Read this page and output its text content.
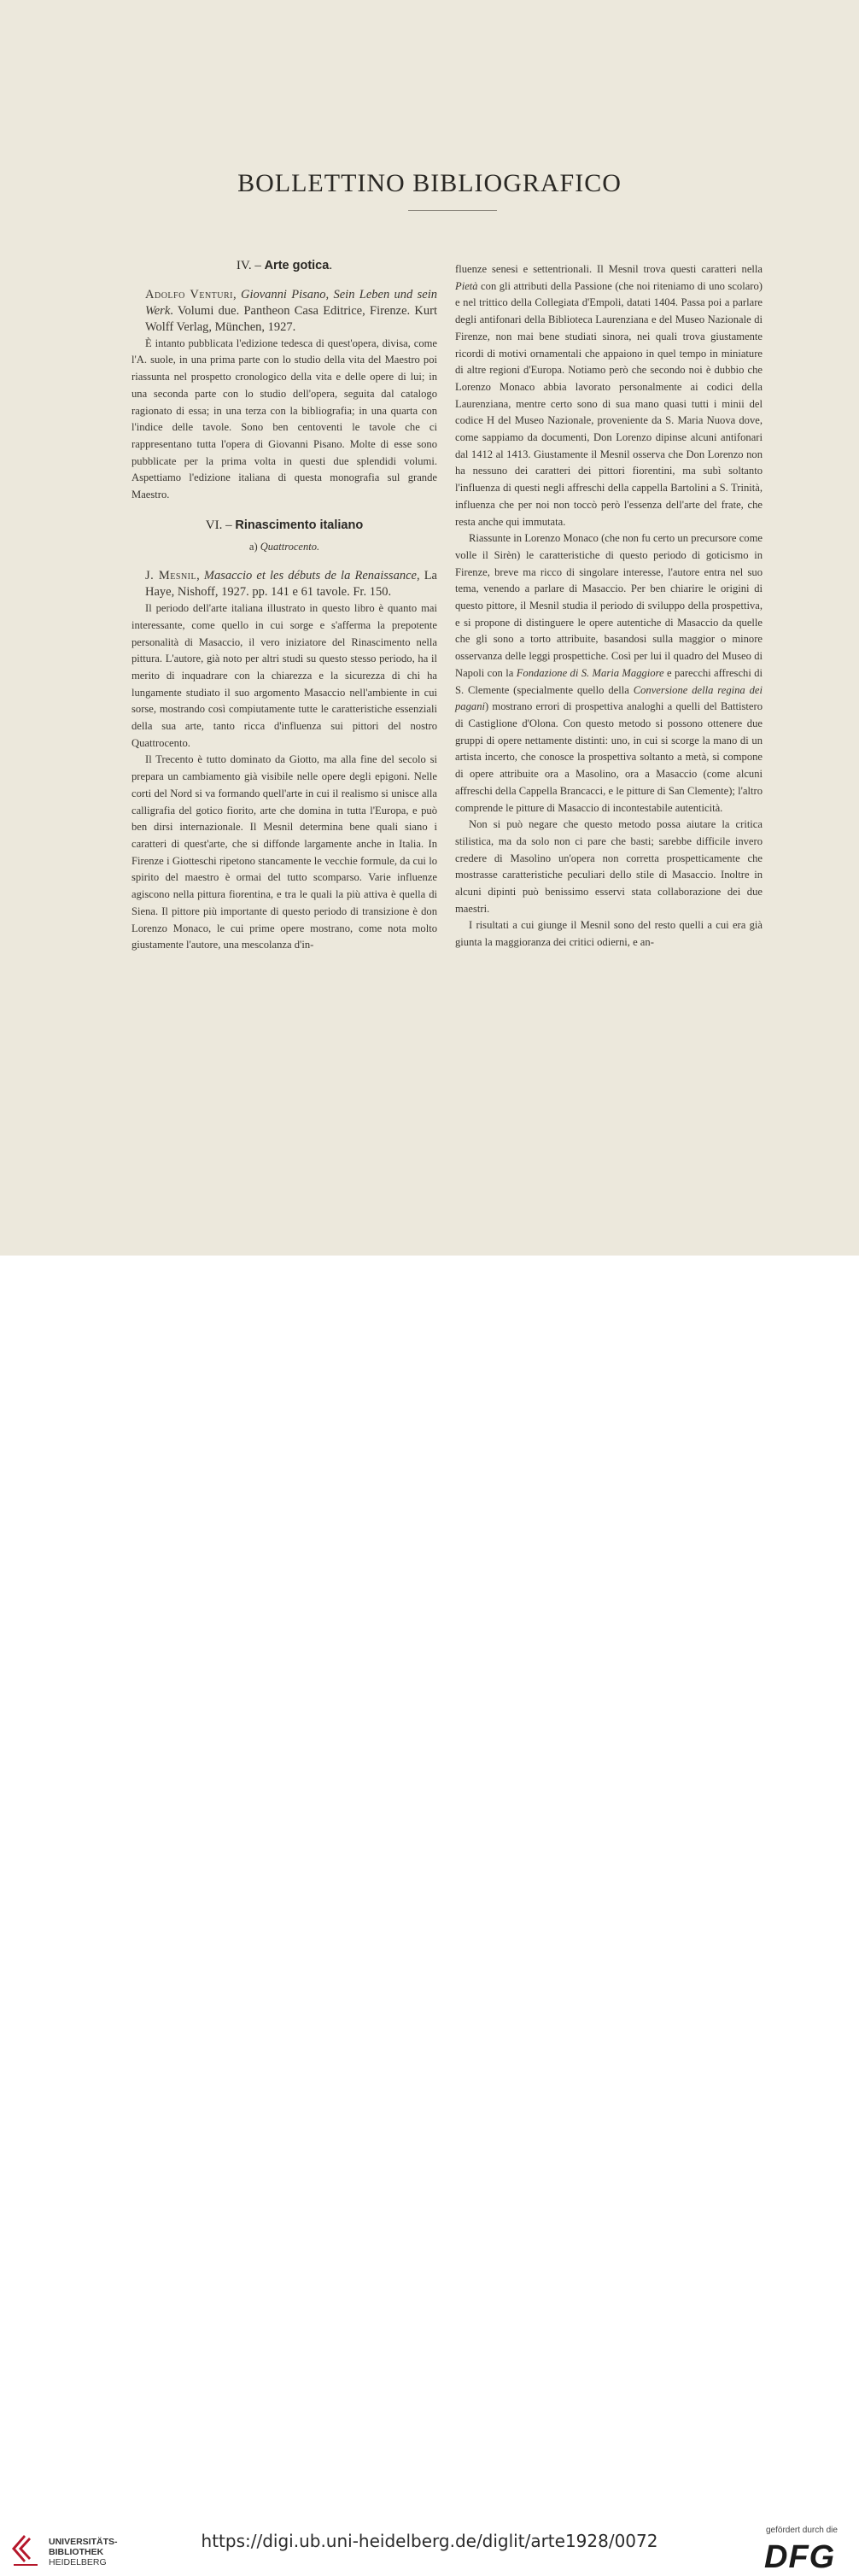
BOLLETTINO BIBLIOGRAFICO
IV. – Arte gotica.

Adolfo Venturi, Giovanni Pisano, Sein Leben und sein Werk. Volumi due. Pantheon Casa Editrice, Firenze. Kurt Wolff Verlag, München, 1927.

È intanto pubblicata l'edizione tedesca di quest'opera, divisa, come l'A. suole, in una prima parte con lo studio della vita del Maestro poi riassunta nel prospetto cronologico della vita e delle opere di lui; in una seconda parte con lo studio dell'opera, seguita dal catalogo ragionato di essa; in una terza con la bibliografia; in una quarta con l'indice delle tavole. Sono ben centoventi le tavole che ci rappresentano tutta l'opera di Giovanni Pisano. Molte di esse sono pubblicate per la prima volta in questi due splendidi volumi. Aspettiamo l'edizione italiana di questa monografia sul grande Maestro.

VI. – Rinascimento italiano
a) Quattrocento.

J. Mesnil, Masaccio et les débuts de la Renaissance, La Haye, Nishoff, 1927. pp. 141 e 61 tavole. Fr. 150.

Il periodo dell'arte italiana illustrato in questo libro è quanto mai interessante, come quello in cui sorge e s'afferma la prepotente personalità di Masaccio, il vero iniziatore del Rinascimento nella pittura. L'autore, già noto per altri studi su questo stesso periodo, ha il merito di inquadrare con la chiarezza e la sicurezza di chi ha lungamente studiato il suo argomento Masaccio nell'ambiente in cui sorse, mostrando così compiutamente tutte le caratteristiche essenziali della sua arte, tanto ricca d'influenza sui pittori del nostro Quattrocento.

Il Trecento è tutto dominato da Giotto, ma alla fine del secolo si prepara un cambiamento già visibile nelle opere degli epigoni. Nelle corti del Nord si va formando quell'arte in cui il realismo si unisce alla calligrafia del gotico fiorito, arte che domina in tutta l'Europa, e può ben dirsi internazionale. Il Mesnil determina bene quali siano i caratteri di quest'arte, che si diffonde largamente anche in Italia. In Firenze i Giotteschi ripetono stancamente le vecchie formule, da cui lo spirito del maestro è ormai del tutto scomparso. Varie influenze agiscono nella pittura fiorentina, e tra le quali la più attiva è quella di Siena. Il pittore più importante di questo periodo di transizione è don Lorenzo Monaco, le cui prime opere mostrano, come nota molto giustamente l'autore, una mescolanza d'in-

fluenze senesi e settentrionali. Il Mesnil trova questi caratteri nella Pietà con gli attributi della Passione (che noi riteniamo di uno scolaro) e nel trittico della Collegiata d'Empoli, datati 1404. Passa poi a parlare degli antifonari della Biblioteca Laurenziana e del Museo Nazionale di Firenze, non mai bene studiati sinora, nei quali trova giustamente ricordi di motivi ornamentali che appaiono in quel tempo in miniature di altre regioni d'Europa. Notiamo però che secondo noi è dubbio che Lorenzo Monaco abbia lavorato personalmente ai codici della Laurenziana, mentre certo sono di sua mano quasi tutti i minii del codice H del Museo Nazionale, proveniente da S. Maria Nuova dove, come sappiamo da documenti, Don Lorenzo dipinse alcuni antifonari dal 1412 al 1413. Giustamente il Mesnil osserva che Don Lorenzo non ha nessuno dei caratteri dei pittori fiorentini, ma subì soltanto l'influenza di questi negli affreschi della cappella Bartolini a S. Trinità, influenza che per noi non toccò però l'essenza dell'arte del frate, che resta anche qui immutata.

Riassunte in Lorenzo Monaco (che non fu certo un precursore come volle il Sirèn) le caratteristiche di questo periodo di goticismo in Firenze, breve ma ricco di singolare interesse, l'autore entra nel suo tema, venendo a parlare di Masaccio. Per ben chiarire le origini di questo pittore, il Mesnil studia il periodo di sviluppo della prospettiva, e si propone di distinguere le opere autentiche di Masaccio da quelle che gli sono a torto attribuite, basandosi sulla maggior o minore osservanza delle leggi prospettiche. Così per lui il quadro del Museo di Napoli con la Fondazione di S. Maria Maggiore e parecchi affreschi di S. Clemente (specialmente quello della Conversione della regina dei pagani) mostrano errori di prospettiva analoghi a quelli del Battistero di Castiglione d'Olona. Con questo metodo si possono ottenere due gruppi di opere nettamente distinti: uno, in cui si scorge la mano di un artista incerto, che conosce la prospettiva soltanto a metà, si compone di opere attribuite ora a Masolino, ora a Masaccio (come alcuni affreschi della Cappella Brancacci, e le pitture di San Clemente); l'altro comprende le pitture di Masaccio di incontestabile autenticità.

Non si può negare che questo metodo possa aiutare la critica stilistica, ma da solo non ci pare che basti; sarebbe difficile invero credere di Masolino un'opera non corretta prospetticamente che mostrasse caratteristiche peculiari dello stile di Masaccio. Inoltre in alcuni dipinti può benissimo esservi stata collaborazione dei due maestri.

I risultati a cui giunge il Mesnil sono del resto quelli a cui era già giunta la maggioranza dei critici odierni, e an-

UNIVERSITÄTS-
BIBLIOTHEK
HEIDELBERG
https://digi.ub.uni-heidelberg.de/diglit/arte1928/0072
gefördert durch die
DFG
